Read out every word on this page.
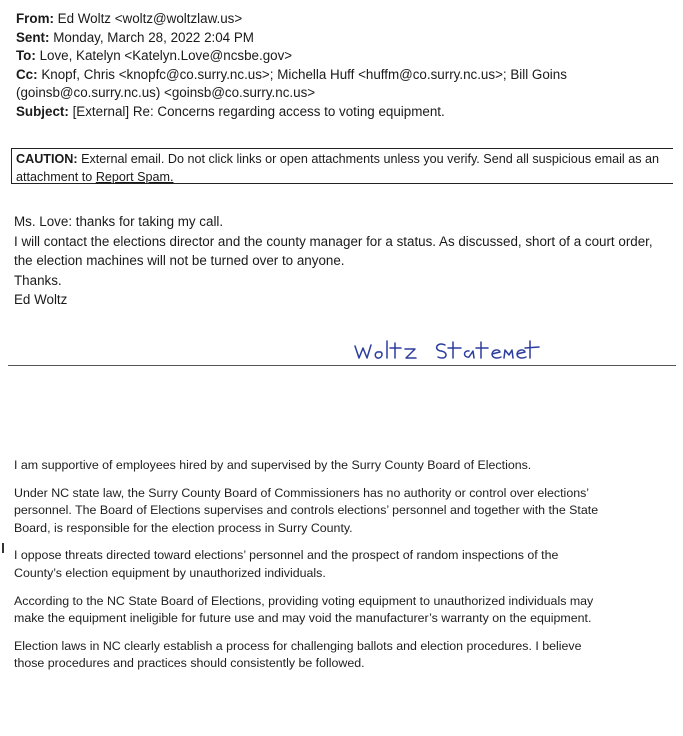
From: Ed Woltz <woltz@woltzlaw.us>
Sent: Monday, March 28, 2022 2:04 PM
To: Love, Katelyn <Katelyn.Love@ncsbe.gov>
Cc: Knopf, Chris <knopfc@co.surry.nc.us>; Michella Huff <huffm@co.surry.nc.us>; Bill Goins (goinsb@co.surry.nc.us) <goinsb@co.surry.nc.us>
Subject: [External] Re: Concerns regarding access to voting equipment.
CAUTION: External email. Do not click links or open attachments unless you verify. Send all suspicious email as an attachment to Report Spam.
Ms. Love: thanks for taking my call.
I will contact the elections director and the county manager for a status. As discussed, short of a court order, the election machines will not be turned over to anyone.
Thanks.
Ed Woltz
Woltz Statement

I am supportive of employees hired by and supervised by the Surry County Board of Elections.

Under NC state law, the Surry County Board of Commissioners has no authority or control over elections’ personnel. The Board of Elections supervises and controls elections’ personnel and together with the State Board, is responsible for the election process in Surry County.

I oppose threats directed toward elections’ personnel and the prospect of random inspections of the County’s election equipment by unauthorized individuals.

According to the NC State Board of Elections, providing voting equipment to unauthorized individuals may make the equipment ineligible for future use and may void the manufacturer’s warranty on the equipment.

Election laws in NC clearly establish a process for challenging ballots and election procedures. I believe those procedures and practices should consistently be followed.
